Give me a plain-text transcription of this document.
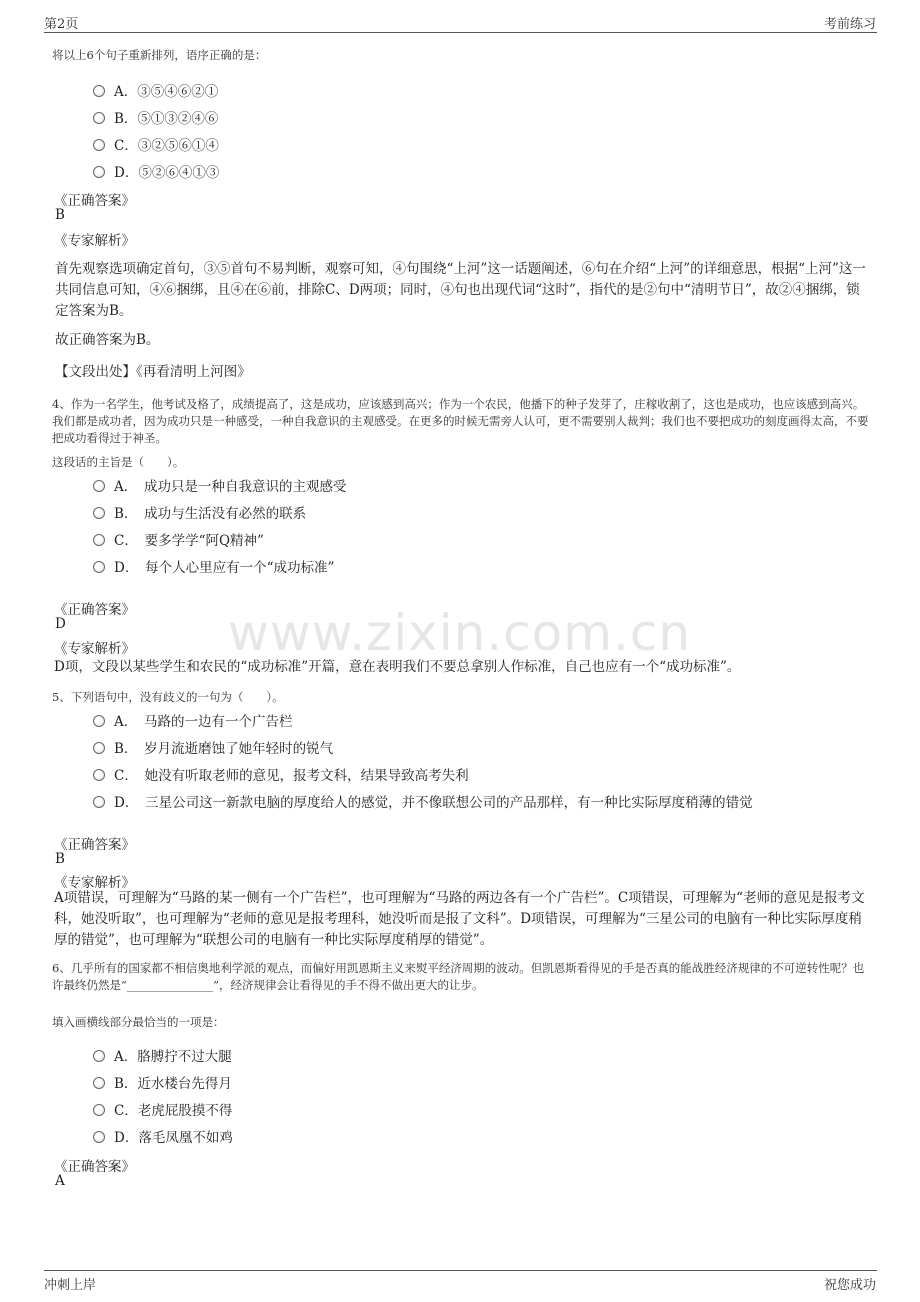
第2页	考前练习
www.zixin.com.cn
将以上6个句子重新排列，语序正确的是：
A．③⑤④⑥②①
B．⑤①③②④⑥
C．③②⑤⑥①④
D．⑤②⑥④①③
《正确答案》
B
《专家解析》
首先观察选项确定首句，③⑤首句不易判断，观察可知，④句围绕“上河”这一话题阐述，⑥句在介绍“上河”的详细意思，根据“上河”这一共同信息可知，④⑥捆绑，且④在⑥前，排除C、D两项；同时，④句也出现代词“这时”，指代的是②句中“清明节日”，故②④捆绑，锁定答案为B。
故正确答案为B。
【文段出处】《再看清明上河图》
4、作为一名学生，他考试及格了，成绩提高了，这是成功，应该感到高兴；作为一个农民，他播下的种子发芽了，庄稼收割了，这也是成功，也应该感到高兴。我们都是成功者，因为成功只是一种感受，一种自我意识的主观感受。在更多的时候无需旁人认可，更不需要别人裁判；我们也不要把成功的刻度画得太高，不要把成功看得过于神圣。
这段话的主旨是（　　）。
A．　成功只是一种自我意识的主观感受
B．　成功与生活没有必然的联系
C．　要多学学“阿Q精神”
D．　每个人心里应有一个“成功标准”
《正确答案》
D
《专家解析》
D项，文段以某些学生和农民的“成功标准”开篇，意在表明我们不要总拿别人作标准，自己也应有一个“成功标准”。
5、下列语句中，没有歧义的一句为（　　）。
A．　马路的一边有一个广告栏
B．　岁月流逝磨蚀了她年轻时的锐气
C．　她没有听取老师的意见，报考文科，结果导致高考失利
D．　三星公司这一新款电脑的厚度给人的感觉，并不像联想公司的产品那样，有一种比实际厚度稍薄的错觉
《正确答案》
B
《专家解析》
A项错误，可理解为“马路的某一侧有一个广告栏”，也可理解为“马路的两边各有一个广告栏”。C项错误，可理解为“老师的意见是报考文科，她没听取”，也可理解为“老师的意见是报考理科，她没听而是报了文科”。D项错误，可理解为“三星公司的电脑有一种比实际厚度稍厚的错觉”，也可理解为“联想公司的电脑有一种比实际厚度稍厚的错觉”。
6、几乎所有的国家都不相信奥地利学派的观点，而偏好用凯恩斯主义来熨平经济周期的波动。但凯恩斯看得见的手是否真的能战胜经济规律的不可逆转性呢？也许最终仍然是“_______________”，经济规律会让看得见的手不得不做出更大的让步。
填入画横线部分最恰当的一项是：
A．胳膊拧不过大腿
B．近水楼台先得月
C．老虎屁股摸不得
D．落毛凤凰不如鸡
《正确答案》
A
冲刺上岸	祝您成功
